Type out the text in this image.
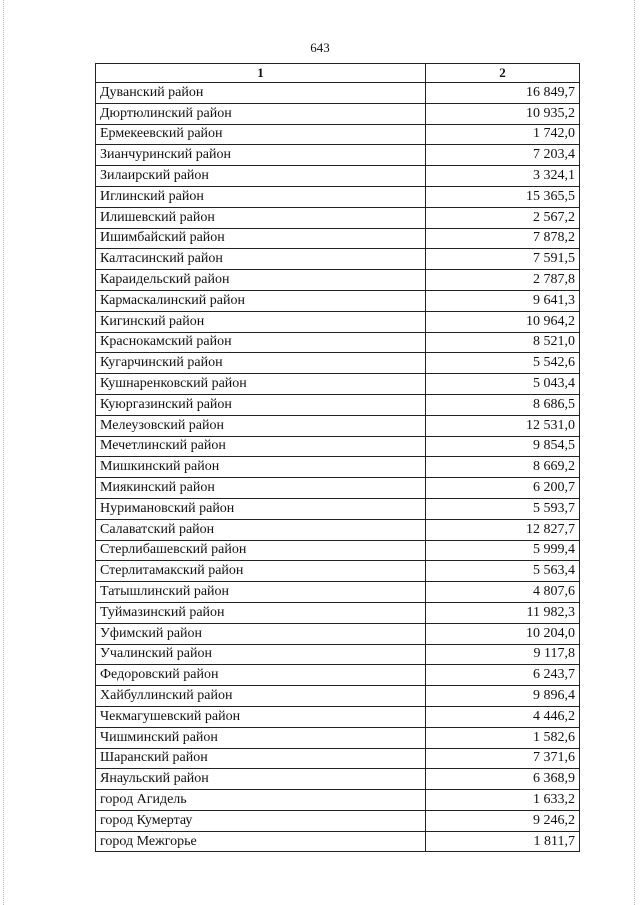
643
1	2
Дуванский район	16 849,7
Дюртюлинский район	10 935,2
Ермекеевский район	1 742,0
Зианчуринский район	7 203,4
Зилаирский район	3 324,1
Иглинский район	15 365,5
Илишевский район	2 567,2
Ишимбайский район	7 878,2
Калтасинский район	7 591,5
Караидельский район	2 787,8
Кармаскалинский район	9 641,3
Кигинский район	10 964,2
Краснокамский район	8 521,0
Кугарчинский район	5 542,6
Кушнаренковский район	5 043,4
Куюргазинский район	8 686,5
Мелеузовский район	12 531,0
Мечетлинский район	9 854,5
Мишкинский район	8 669,2
Миякинский район	6 200,7
Нуримановский район	5 593,7
Салаватский район	12 827,7
Стерлибашевский район	5 999,4
Стерлитамакский район	5 563,4
Татышлинский район	4 807,6
Туймазинский район	11 982,3
Уфимский район	10 204,0
Учалинский район	9 117,8
Федоровский район	6 243,7
Хайбуллинский район	9 896,4
Чекмагушевский район	4 446,2
Чишминский район	1 582,6
Шаранский район	7 371,6
Янаульский район	6 368,9
город Агидель	1 633,2
город Кумертау	9 246,2
город Межгорье	1 811,7
